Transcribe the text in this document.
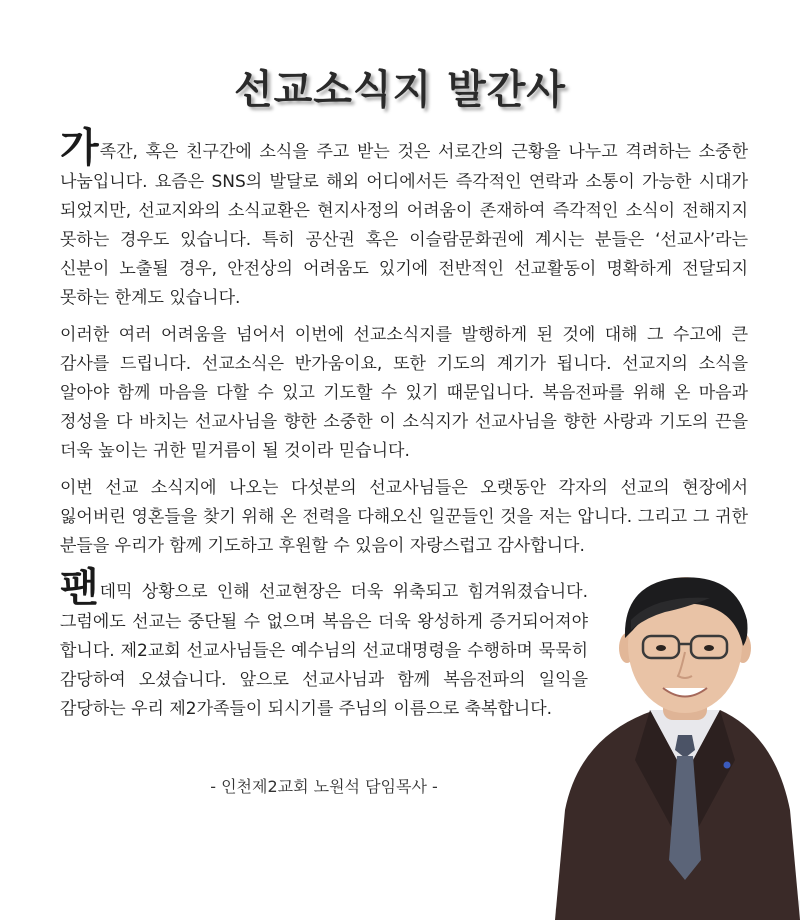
선교소식지 발간사

가족간, 혹은 친구간에 소식을 주고 받는 것은 서로간의 근황을 나누고 격려하는 소중한 나눔입니다. 요즘은 SNS의 발달로 해외 어디에서든 즉각적인 연락과 소통이 가능한 시대가 되었지만, 선교지와의 소식교환은 현지사정의 어려움이 존재하여 즉각적인 소식이 전해지지 못하는 경우도 있습니다. 특히 공산권 혹은 이슬람문화권에 계시는 분들은 ‘선교사’라는 신분이 노출될 경우, 안전상의 어려움도 있기에 전반적인 선교활동이 명확하게 전달되지 못하는 한계도 있습니다.

이러한 여러 어려움을 넘어서 이번에 선교소식지를 발행하게 된 것에 대해 그 수고에 큰 감사를 드립니다. 선교소식은 반가움이요, 또한 기도의 계기가 됩니다. 선교지의 소식을 알아야 함께 마음을 다할 수 있고 기도할 수 있기 때문입니다. 복음전파를 위해 온 마음과 정성을 다 바치는 선교사님을 향한 소중한 이 소식지가 선교사님을 향한 사랑과 기도의 끈을 더욱 높이는 귀한 밑거름이 될 것이라 믿습니다.

이번 선교 소식지에 나오는 다섯분의 선교사님들은 오랫동안 각자의 선교의 현장에서 잃어버린 영혼들을 찾기 위해 온 전력을 다해오신 일꾼들인 것을 저는 압니다. 그리고 그 귀한 분들을 우리가 함께 기도하고 후원할 수 있음이 자랑스럽고 감사합니다.

팬데믹 상황으로 인해 선교현장은 더욱 위축되고 힘겨워졌습니다. 그럼에도 선교는 중단될 수 없으며 복음은 더욱 왕성하게 증거되어져야 합니다. 제2교회 선교사님들은 예수님의 선교대명령을 수행하며 묵묵히 감당하여 오셨습니다. 앞으로 선교사님과 함께 복음전파의 일익을 감당하는 우리 제2가족들이 되시기를 주님의 이름으로 축복합니다.

- 인천제2교회 노원석 담임목사 -
